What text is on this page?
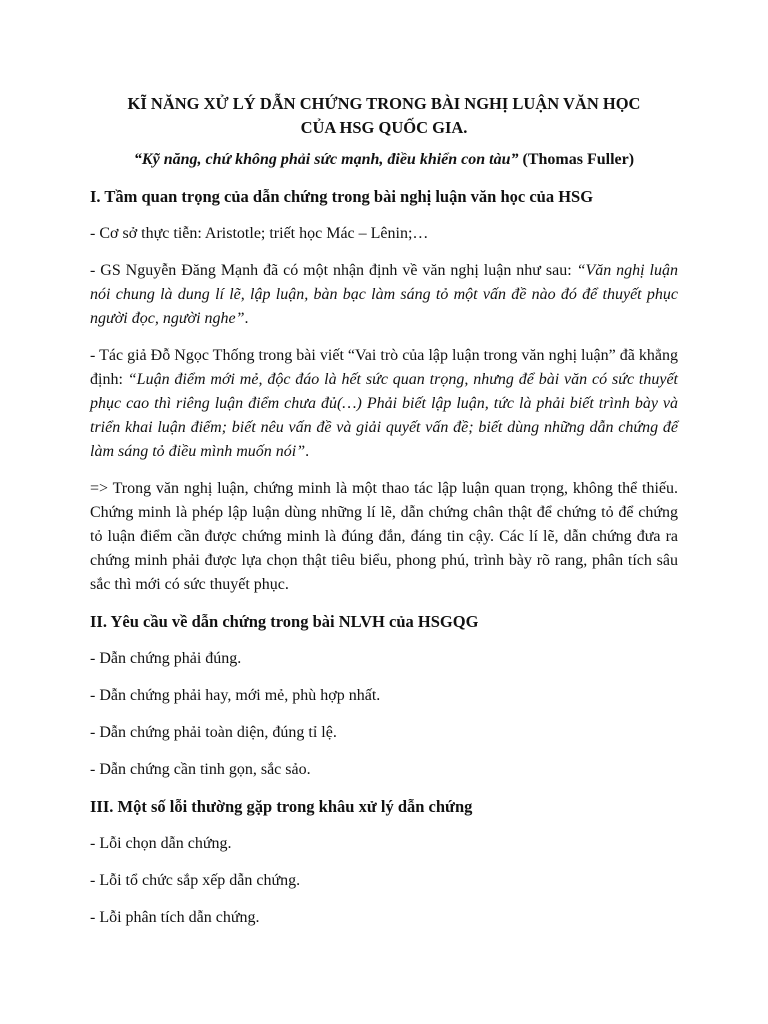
KĨ NĂNG XỬ LÝ DẪN CHỨNG TRONG BÀI NGHỊ LUẬN VĂN HỌC
CỦA HSG QUỐC GIA.

“Kỹ năng, chứ không phải sức mạnh, điều khiển con tàu” (Thomas Fuller)

I. Tầm quan trọng của dẫn chứng trong bài nghị luận văn học của HSG

- Cơ sở thực tiễn: Aristotle; triết học Mác – Lênin;…

- GS Nguyễn Đăng Mạnh đã có một nhận định về văn nghị luận như sau: “Văn nghị luận nói chung là dung lí lẽ, lập luận, bàn bạc làm sáng tỏ một vấn đề nào đó để thuyết phục người đọc, người nghe”.

- Tác giả Đỗ Ngọc Thống trong bài viết “Vai trò của lập luận trong văn nghị luận” đã khẳng định: “Luận điểm mới mẻ, độc đáo là hết sức quan trọng, nhưng để bài văn có sức thuyết phục cao thì riêng luận điểm chưa đủ(…) Phải biết lập luận, tức là phải biết trình bày và triển khai luận điểm; biết nêu vấn đề và giải quyết vấn đề; biết dùng những dẫn chứng để làm sáng tỏ điều mình muốn nói”.

=> Trong văn nghị luận, chứng minh là một thao tác lập luận quan trọng, không thể thiếu. Chứng minh là phép lập luận dùng những lí lẽ, dẫn chứng chân thật để chứng tỏ để chứng tỏ luận điểm cần được chứng minh là đúng đắn, đáng tin cậy. Các lí lẽ, dẫn chứng đưa ra chứng minh phải được lựa chọn thật tiêu biểu, phong phú, trình bày rõ rang, phân tích sâu sắc thì mới có sức thuyết phục.

II. Yêu cầu về dẫn chứng trong bài NLVH của HSGQG

- Dẫn chứng phải đúng.

- Dẫn chứng phải hay, mới mẻ, phù hợp nhất.

- Dẫn chứng phải toàn diện, đúng tỉ lệ.

- Dẫn chứng cần tinh gọn, sắc sảo.

III. Một số lỗi thường gặp trong khâu xử lý dẫn chứng

- Lỗi chọn dẫn chứng.

- Lỗi tổ chức sắp xếp dẫn chứng.

- Lỗi phân tích dẫn chứng.
